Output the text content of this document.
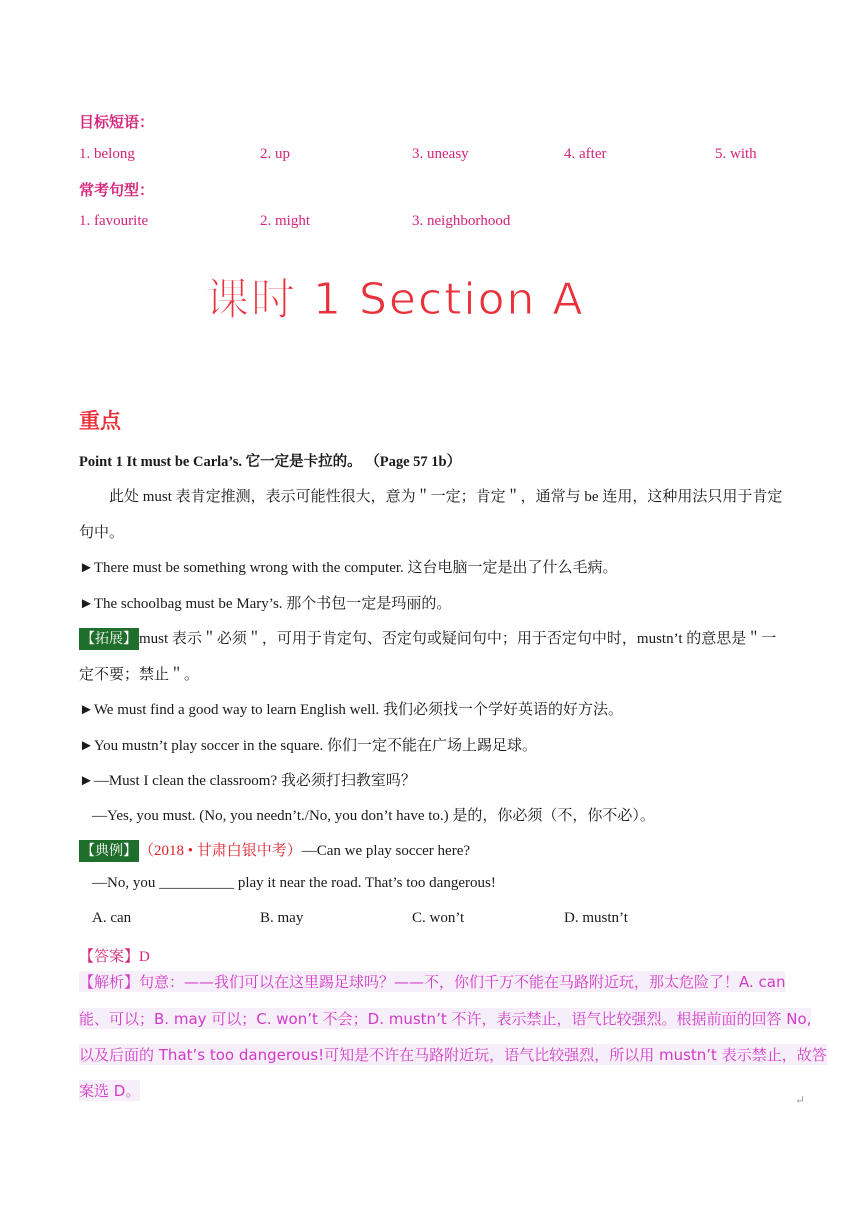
目标短语：
1. belong	2. up	3. uneasy	4. after	5. with
常考句型：
1. favourite	2. might	3. neighborhood
课时 1 Section A
重点
Point 1 It must be Carla’s. 它一定是卡拉的。 （Page 57 1b）
此处 must 表肯定推测，表示可能性很大，意为＂一定；肯定＂，通常与 be 连用，这种用法只用于肯定
句中。
►There must be something wrong with the computer. 这台电脑一定是出了什么毛病。
►The schoolbag must be Mary’s. 那个书包一定是玛丽的。
【拓展】 must 表示＂必须＂，可用于肯定句、否定句或疑问句中；用于否定句中时，mustn’t 的意思是＂一
定不要；禁止＂。
►We must find a good way to learn English well. 我们必须找一个学好英语的好方法。
►You mustn’t play soccer in the square. 你们一定不能在广场上踢足球。
►—Must I clean the classroom? 我必须打扫教室吗？
—Yes, you must. (No, you needn’t./No, you don’t have to.) 是的，你必须（不，你不必）。
【典例】 （2018 • 甘肃白银中考）—Can we play soccer here?
—No, you __________ play it near the road. That’s too dangerous!
A. can	B. may	C. won’t	D. mustn’t
【答案】D
【解析】句意：——我们可以在这里踢足球吗？——不，你们千万不能在马路附近玩，那太危险了！A. can
能、可以；B. may 可以；C. won’t 不会；D. mustn’t 不许，表示禁止，语气比较强烈。根据前面的回答 No,
以及后面的 That’s too dangerous!可知是不许在马路附近玩，语气比较强烈，所以用 mustn’t 表示禁止，故答
案选 D。	↵
